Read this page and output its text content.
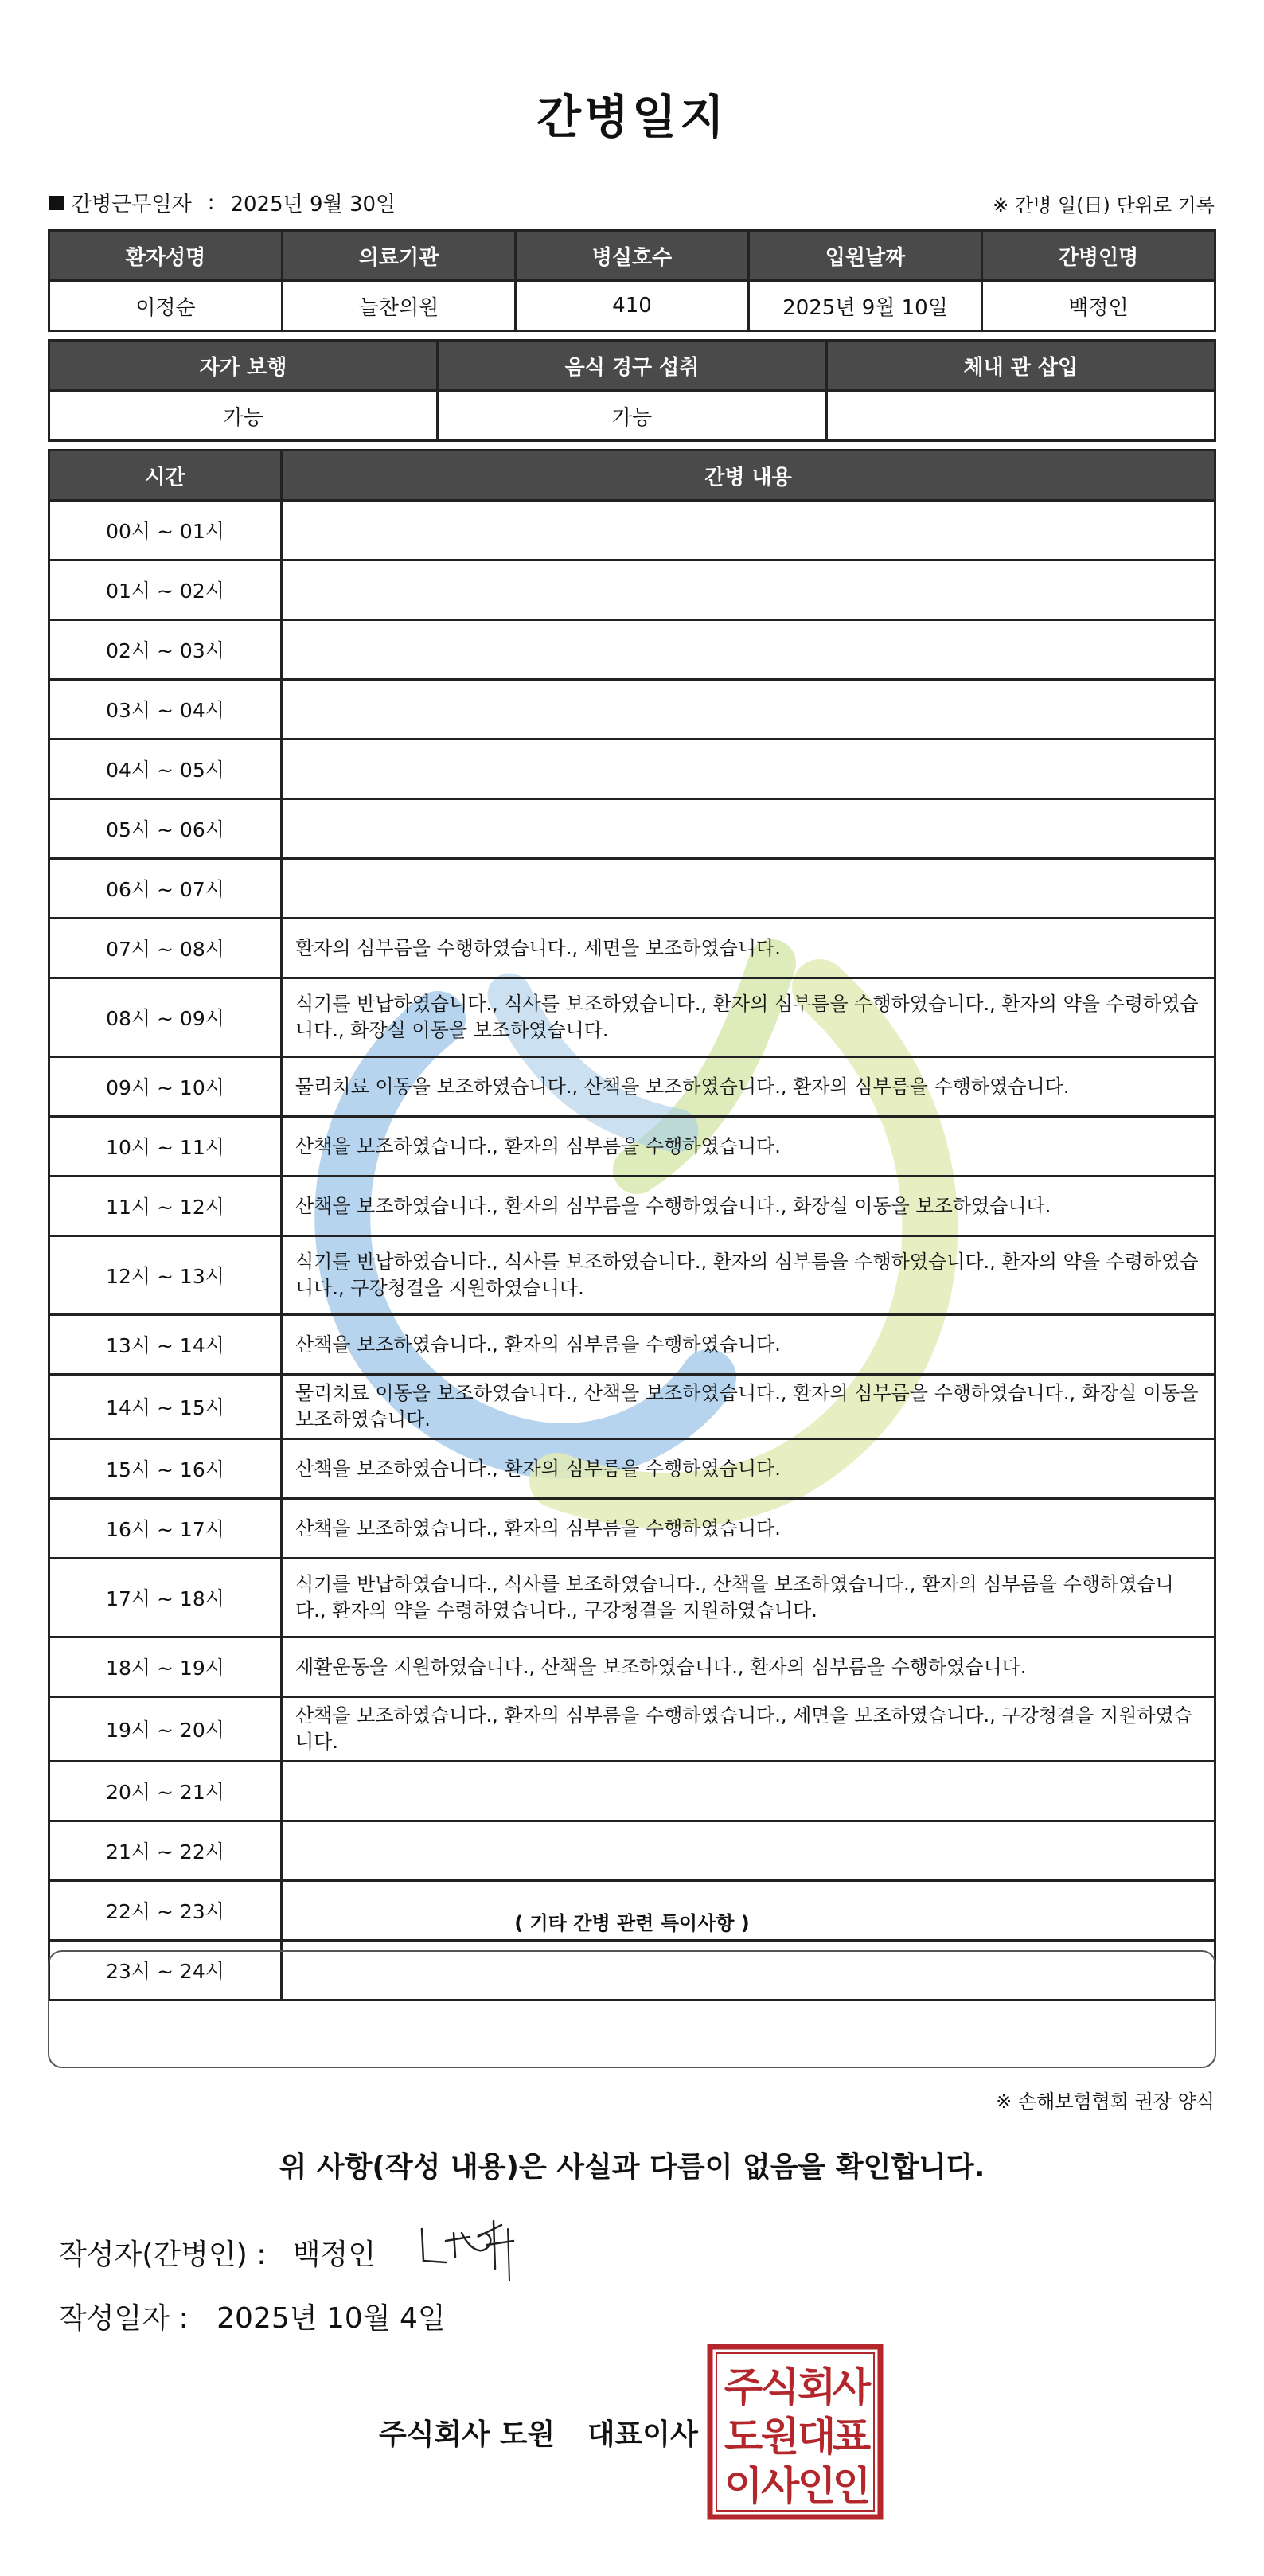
간병일지
간병근무일자 : 2025년 9월 30일	※ 간병 일(日) 단위로 기록
환자성명	의료기관	병실호수	입원날짜	간병인명
이정순	늘찬의원	410	2025년 9월 10일	백정인
자가 보행	음식 경구 섭취	체내 관 삽입
가능	가능	
시간	간병 내용
00시 ~ 01시	
01시 ~ 02시	
02시 ~ 03시	
03시 ~ 04시	
04시 ~ 05시	
05시 ~ 06시	
06시 ~ 07시	
07시 ~ 08시	환자의 심부름을 수행하였습니다., 세면을 보조하였습니다.
08시 ~ 09시	식기를 반납하였습니다., 식사를 보조하였습니다., 환자의 심부름을 수행하였습니다., 환자의 약을 수령하였습니다., 화장실 이동을 보조하였습니다.
09시 ~ 10시	물리치료 이동을 보조하였습니다., 산책을 보조하였습니다., 환자의 심부름을 수행하였습니다.
10시 ~ 11시	산책을 보조하였습니다., 환자의 심부름을 수행하였습니다.
11시 ~ 12시	산책을 보조하였습니다., 환자의 심부름을 수행하였습니다., 화장실 이동을 보조하였습니다.
12시 ~ 13시	식기를 반납하였습니다., 식사를 보조하였습니다., 환자의 심부름을 수행하였습니다., 환자의 약을 수령하였습니다., 구강청결을 지원하였습니다.
13시 ~ 14시	산책을 보조하였습니다., 환자의 심부름을 수행하였습니다.
14시 ~ 15시	물리치료 이동을 보조하였습니다., 산책을 보조하였습니다., 환자의 심부름을 수행하였습니다., 화장실 이동을 보조하였습니다.
15시 ~ 16시	산책을 보조하였습니다., 환자의 심부름을 수행하였습니다.
16시 ~ 17시	산책을 보조하였습니다., 환자의 심부름을 수행하였습니다.
17시 ~ 18시	식기를 반납하였습니다., 식사를 보조하였습니다., 산책을 보조하였습니다., 환자의 심부름을 수행하였습니다., 환자의 약을 수령하였습니다., 구강청결을 지원하였습니다.
18시 ~ 19시	재활운동을 지원하였습니다., 산책을 보조하였습니다., 환자의 심부름을 수행하였습니다.
19시 ~ 20시	산책을 보조하였습니다., 환자의 심부름을 수행하였습니다., 세면을 보조하였습니다., 구강청결을 지원하였습니다.
20시 ~ 21시	
21시 ~ 22시	
22시 ~ 23시	
23시 ~ 24시	
( 기타 간병 관련 특이사항 )
※ 손해보험협회 권장 양식
위 사항(작성 내용)은 사실과 다름이 없음을 확인합니다.
작성자(간병인) : 백정인
작성일자 : 2025년 10월 4일
주식회사 도원 대표이사
주
식
회
사
도
원
대
표
이
사
인
인
